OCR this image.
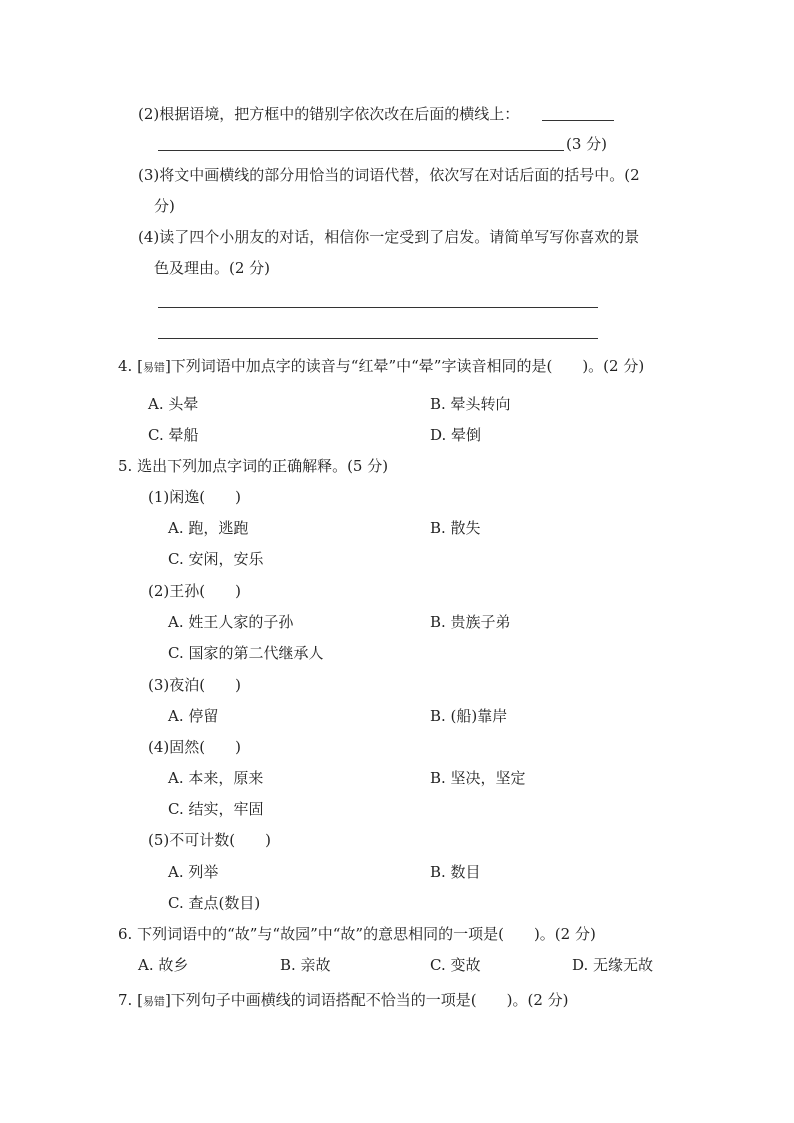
(2)根据语境，把方框中的错别字依次改在后面的横线上：
(3 分)
(3)将文中画横线的部分用恰当的词语代替，依次写在对话后面的括号中。(2
分)
(4)读了四个小朋友的对话，相信你一定受到了启发。请简单写写你喜欢的景
色及理由。(2 分)
4. [易错]下列词语中加点字的读音与“红晕”中“晕”字读音相同的是(　　)。(2 分)
A. 头晕	B. 晕头转向
C. 晕船	D. 晕倒
5. 选出下列加点字词的正确解释。(5 分)
(1)闲逸(　　)
A. 跑，逃跑	B. 散失
C. 安闲，安乐
(2)王孙(　　)
A. 姓王人家的子孙	B. 贵族子弟
C. 国家的第二代继承人
(3)夜泊(　　)
A. 停留	B. (船)靠岸
(4)固然(　　)
A. 本来，原来	B. 坚决，坚定
C. 结实，牢固
(5)不可计数(　　)
A. 列举	B. 数目
C. 查点(数目)
6. 下列词语中的“故”与“故园”中“故”的意思相同的一项是(　　)。(2 分)
A. 故乡	B. 亲故	C. 变故	D. 无缘无故
7. [易错]下列句子中画横线的词语搭配不恰当的一项是(　　)。(2 分)
